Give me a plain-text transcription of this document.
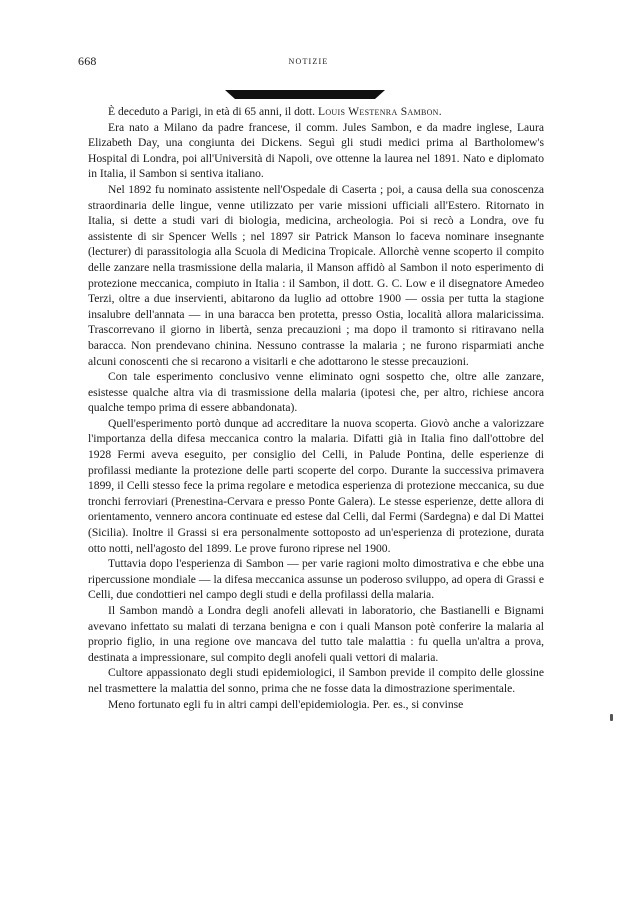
668	NOTIZIE

È deceduto a Parigi, in età di 65 anni, il dott. Louis Westenra Sambon.

Era nato a Milano da padre francese, il comm. Jules Sambon, e da madre inglese, Laura Elizabeth Day, una congiunta dei Dickens. Seguì gli studi medici prima al Bartholomew's Hospital di Londra, poi all'Università di Napoli, ove ottenne la laurea nel 1891. Nato e diplomato in Italia, il Sambon si sentiva italiano.

Nel 1892 fu nominato assistente nell'Ospedale di Caserta ; poi, a causa della sua conoscenza straordinaria delle lingue, venne utilizzato per varie missioni ufficiali all'Estero. Ritornato in Italia, si dette a studi vari di biologia, medicina, archeologia. Poi si recò a Londra, ove fu assistente di sir Spencer Wells ; nel 1897 sir Patrick Manson lo faceva nominare insegnante (lecturer) di parassitologia alla Scuola di Medicina Tropicale. Allorchè venne scoperto il compito delle zanzare nella trasmissione della malaria, il Manson affidò al Sambon il noto esperimento di protezione meccanica, compiuto in Italia : il Sambon, il dott. G. C. Low e il disegnatore Amedeo Terzi, oltre a due inservienti, abitarono da luglio ad ottobre 1900 — ossia per tutta la stagione insalubre dell'annata — in una baracca ben protetta, presso Ostia, località allora malaricissima. Trascorrevano il giorno in libertà, senza precauzioni ; ma dopo il tramonto si ritiravano nella baracca. Non prendevano chinina. Nessuno contrasse la malaria ; ne furono risparmiati anche alcuni conoscenti che si recarono a visitarli e che adottarono le stesse precauzioni.

Con tale esperimento conclusivo venne eliminato ogni sospetto che, oltre alle zanzare, esistesse qualche altra via di trasmissione della malaria (ipotesi che, per altro, richiese ancora qualche tempo prima di essere abbandonata).

Quell'esperimento portò dunque ad accreditare la nuova scoperta. Giovò anche a valorizzare l'importanza della difesa meccanica contro la malaria. Difatti già in Italia fino dall'ottobre del 1928 Fermi aveva eseguito, per consiglio del Celli, in Palude Pontina, delle esperienze di profilassi mediante la protezione delle parti scoperte del corpo. Durante la successiva primavera 1899, il Celli stesso fece la prima regolare e metodica esperienza di protezione meccanica, su due tronchi ferroviari (Prenestina-Cervara e presso Ponte Galera). Le stesse esperienze, dette allora di orientamento, vennero ancora continuate ed estese dal Celli, dal Fermi (Sardegna) e dal Di Mattei (Sicilia). Inoltre il Grassi si era personalmente sottoposto ad un'esperienza di protezione, durata otto notti, nell'agosto del 1899. Le prove furono riprese nel 1900.

Tuttavia dopo l'esperienza di Sambon — per varie ragioni molto dimostrativa e che ebbe una ripercussione mondiale — la difesa meccanica assunse un poderoso sviluppo, ad opera di Grassi e Celli, due condottieri nel campo degli studi e della profilassi della malaria.

Il Sambon mandò a Londra degli anofeli allevati in laboratorio, che Bastianelli e Bignami avevano infettato su malati di terzana benigna e con i quali Manson potè conferire la malaria al proprio figlio, in una regione ove mancava del tutto tale malattia : fu quella un'altra a prova, destinata a impressionare, sul compito degli anofeli quali vettori di malaria.

Cultore appassionato degli studi epidemiologici, il Sambon previde il compito delle glossine nel trasmettere la malattia del sonno, prima che ne fosse data la dimostrazione sperimentale.

Meno fortunato egli fu in altri campi dell'epidemiologia. Per. es., si convinse
